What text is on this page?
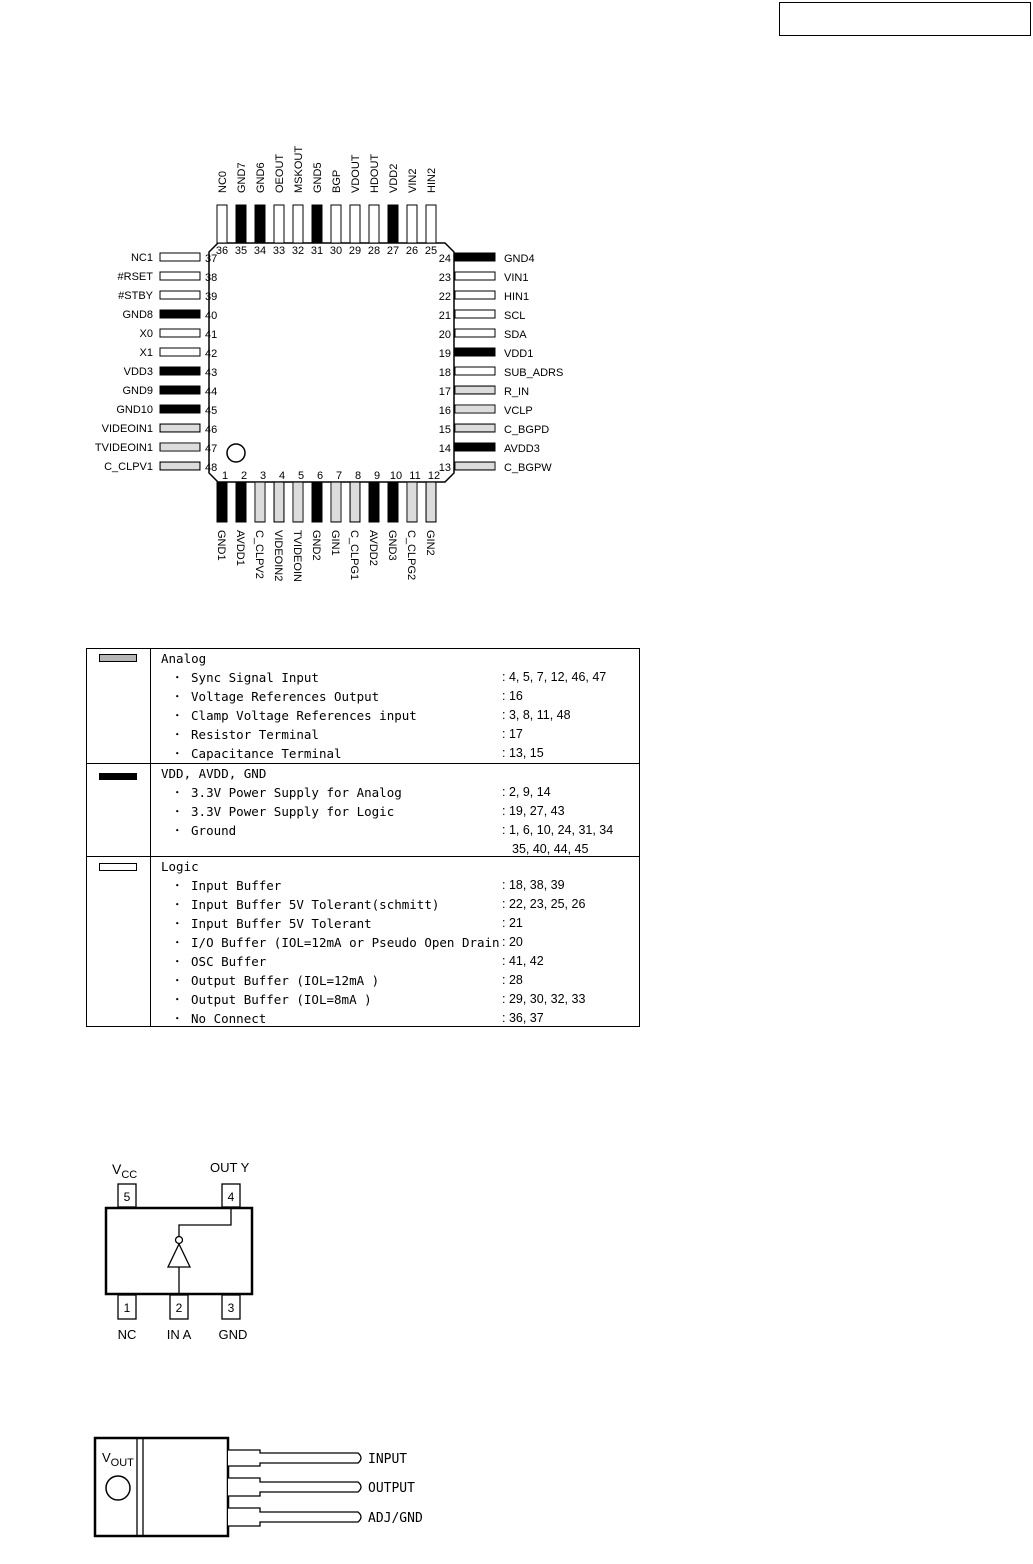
36
NC0
35
GND7
34
GND6
33
OEOUT
32
MSKOUT
31
GND5
30
BGP
29
VDOUT
28
HDOUT
27
VDD2
26
VIN2
25
HIN2
1
GND1
2
AVDD1
3
C_CLPV2
4
VIDEOIN2
5
TVIDEOIN
6
GND2
7
GIN1
8
C_CLPG1
9
AVDD2
10
GND3
11
C_CLPG2
12
GIN2
37
NC1
38
#RSET
39
#STBY
40
GND8
41
X0
42
X1
43
VDD3
44
GND9
45
GND10
46
VIDEOIN1
47
TVIDEOIN1
48
C_CLPV1
24	GND4
23	VIN1
22	HIN1
21	SCL
20	SDA
19	VDD1
18	SUB_ADRS
17	R_IN
16	VCLP
15	C_BGPD
14	AVDD3
13	C_BGPW
Analog
・ Sync Signal Input	: 4, 5, 7, 12, 46, 47
・ Voltage References Output	: 16
・ Clamp Voltage References input	: 3, 8, 11, 48
・ Resistor Terminal	: 17
・ Capacitance Terminal	: 13, 15
VDD, AVDD, GND
・ 3.3V Power Supply for Analog	: 2, 9, 14
・ 3.3V Power Supply for Logic	: 19, 27, 43
・ Ground	: 1, 6, 10, 24, 31, 34
35, 40, 44, 45
Logic
・ Input Buffer	: 18, 38, 39
・ Input Buffer 5V Tolerant(schmitt)	: 22, 23, 25, 26
・ Input Buffer 5V Tolerant	: 21
・ I/O Buffer (IOL=12mA or Pseudo Open Drain : 20
・ OSC Buffer	: 41, 42
・ Output Buffer (IOL=12mA )	: 28
・ Output Buffer (IOL=8mA )	: 29, 30, 32, 33
・ No Connect	: 36, 37
$V_{CC}$	OUT Y
5	4
1	2	3
NC IN A GND
$V_{OUT}$	INPUT
OUTPUT
ADJ/GND
